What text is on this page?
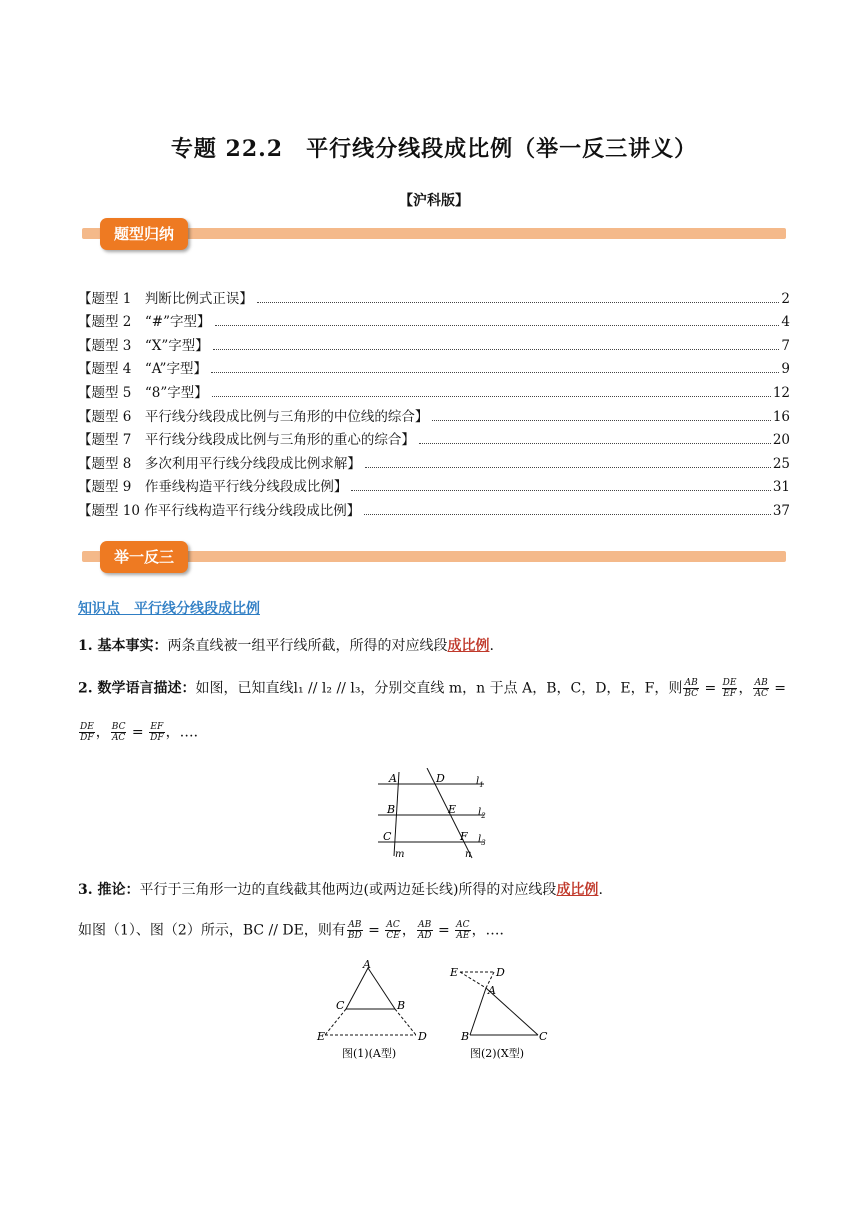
专题 22.2　平行线分线段成比例（举一反三讲义）
【沪科版】
题型归纳
【题型 1　判断比例式正误】	2
【题型 2　“#”字型】	4
【题型 3　“X”字型】	7
【题型 4　“A”字型】	9
【题型 5　“8”字型】	12
【题型 6　平行线分线段成比例与三角形的中位线的综合】	16
【题型 7　平行线分线段成比例与三角形的重心的综合】	20
【题型 8　多次利用平行线分线段成比例求解】	25
【题型 9　作垂线构造平行线分线段成比例】	31
【题型 10 作平行线构造平行线分线段成比例】	37
举一反三
知识点　平行线分线段成比例
1. 基本事实：两条直线被一组平行线所截，所得的对应线段成比例.
2. 数学语言描述：如图，已知直线l₁ // l₂ // l₃，分别交直线 m，n 于点 A，B，C，D，E，F，则 $\frac{AB}{BC} = \frac{DE}{EF}$ ， $\frac{AB}{AC}$ =
$\frac{DE}{DF}$ ， $\frac{BC}{AC} = \frac{EF}{DF}$ ，…．
A
B
C
D
E
F
$l_1$
$l_2$
$l_3$
m	n
3. 推论：平行于三角形一边的直线截其他两边(或两边延长线)所得的对应线段成比例.
如图（1）、图（2）所示，BC // DE，则有 $\frac{AB}{BD} = \frac{AC}{CE}$ ， $\frac{AB}{AD} = \frac{AC}{AE}$ ，…．
A
C	B
E	D
图(1)(A型)
E	D
A
B	C
图(2)(X型)
